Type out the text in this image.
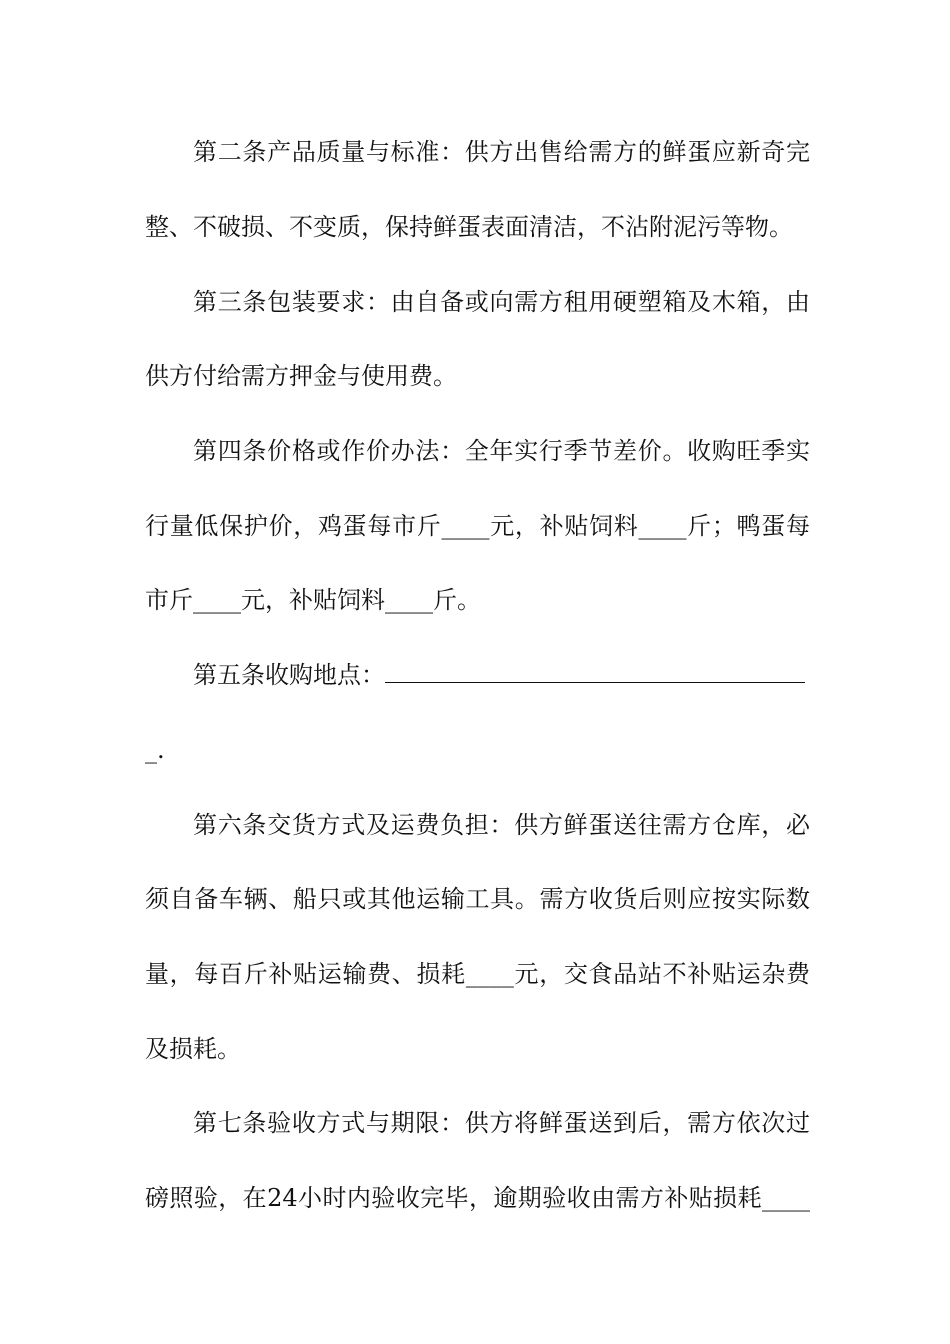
第二条产品质量与标准：供方出售给需方的鲜蛋应新奇完
整、不破损、不变质，保持鲜蛋表面清洁，不沾附泥污等物。
第三条包装要求：由自备或向需方租用硬塑箱及木箱，由
供方付给需方押金与使用费。
第四条价格或作价办法：全年实行季节差价。收购旺季实
行量低保护价，鸡蛋每市斤____元，补贴饲料____斤；鸭蛋每
市斤____元，补贴饲料____斤。
第五条收购地点：
_.
第六条交货方式及运费负担：供方鲜蛋送往需方仓库，必
须自备车辆、船只或其他运输工具。需方收货后则应按实际数
量，每百斤补贴运输费、损耗____元，交食品站不补贴运杂费
及损耗。
第七条验收方式与期限：供方将鲜蛋送到后，需方依次过
磅照验，在24小时内验收完毕，逾期验收由需方补贴损耗____
